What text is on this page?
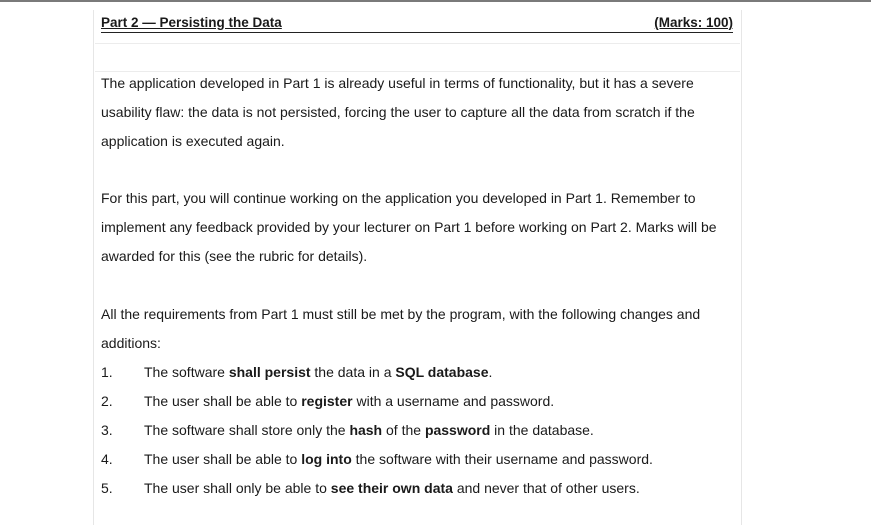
Part 2 — Persisting the Data	(Marks: 100)

The application developed in Part 1 is already useful in terms of functionality, but it has a severe usability flaw: the data is not persisted, forcing the user to capture all the data from scratch if the application is executed again.

For this part, you will continue working on the application you developed in Part 1. Remember to implement any feedback provided by your lecturer on Part 1 before working on Part 2. Marks will be awarded for this (see the rubric for details).

All the requirements from Part 1 must still be met by the program, with the following changes and additions:

1. The software shall persist the data in a SQL database.
2. The user shall be able to register with a username and password.
3. The software shall store only the hash of the password in the database.
4. The user shall be able to log into the software with their username and password.
5. The user shall only be able to see their own data and never that of other users.
